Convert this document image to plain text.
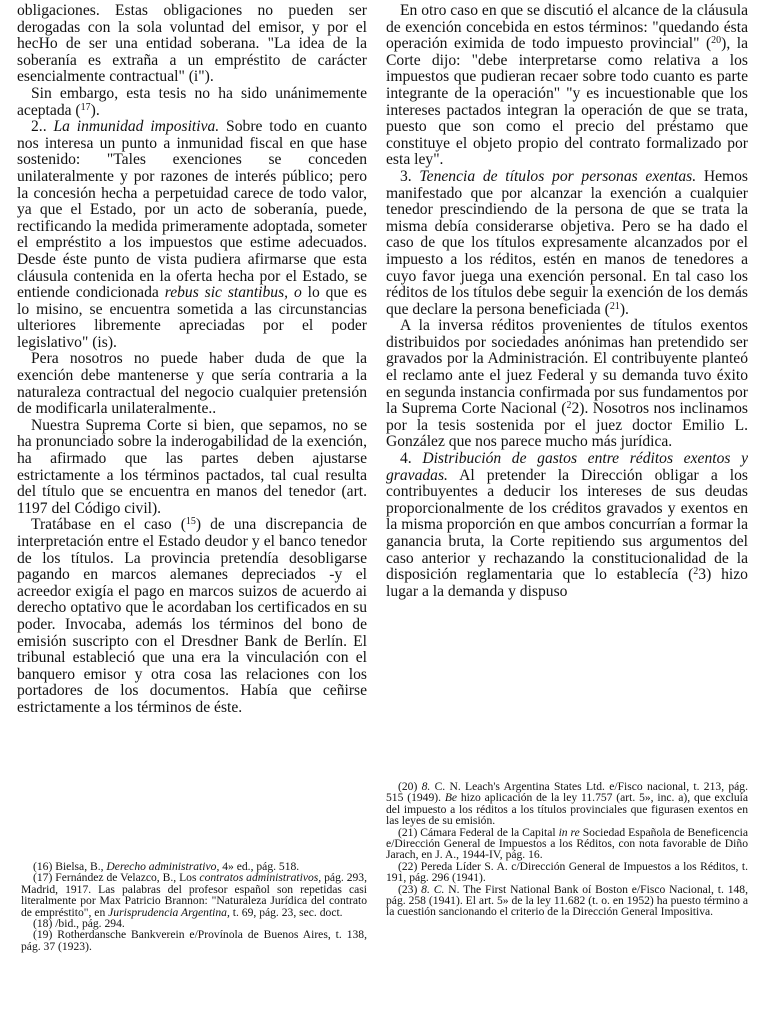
obligaciones. Estas obligaciones no pueden ser derogadas con la sola voluntad del emisor, y por el hecHo de ser una entidad soberana. "La idea de la soberanía es extraña a un empréstito de carácter esencialmente contractual" (i").

Sin embargo, esta tesis no ha sido unánimemente aceptada ($^{17}$).

2.. La inmunidad impositiva. Sobre todo en cuanto nos interesa un punto a inmunidad fiscal en que hase sostenido: "Tales exenciones se conceden unilateralmente y por razones de interés público; pero la concesión hecha a perpetuidad carece de todo valor, ya que el Estado, por un acto de soberanía, puede, rectificando la medida primeramente adoptada, someter el empréstito a los impuestos que estime adecuados. Desde éste punto de vista pudiera afirmarse que esta cláusula contenida en la oferta hecha por el Estado, se entiende condicionada rebus sic stantibus, o lo que es lo misino, se encuentra sometida a las circunstancias ulteriores libremente apreciadas por el poder legislativo" (is).

Pera nosotros no puede haber duda de que la exención debe mantenerse y que sería contraria a la naturaleza contractual del negocio cualquier pretensión de modificarla unilateralmente..

Nuestra Suprema Corte si bien, que sepamos, no se ha pronunciado sobre la inderogabilidad de la exención, ha afirmado que las partes deben ajustarse estrictamente a los términos pactados, tal cual resulta del título que se encuentra en manos del tenedor (art. 1197 del Código civil).

Tratábase en el caso ($^{15}$) de una discrepancia de interpretación entre el Estado deudor y el banco tenedor de los títulos. La provincia pretendía desobligarse pagando en marcos alemanes depreciados -y el acreedor exigía el pago en marcos suizos de acuerdo ai derecho optativo que le acordaban los certificados en su poder. Invocaba, además los términos del bono de emisión suscripto con el Dresdner Bank de Berlín. El tribunal estableció que una era la vinculación con el banquero emisor y otra cosa las relaciones con los portadores de los documentos. Había que ceñirse estrictamente a los términos de éste.

En otro caso en que se discutió el alcance de la cláusula de exención concebida en estos términos: "quedando ésta operación eximida de todo impuesto provincial" ($^{20}$), la Corte dijo: "debe interpretarse como relativa a los impuestos que pudieran recaer sobre todo cuanto es parte integrante de la operación" "y es incuestionable que los intereses pactados integran la operación de que se trata, puesto que son como el precio del préstamo que constituye el objeto propio del contrato formalizado por esta ley".

3. Tenencia de títulos por personas exentas. Hemos manifestado que por alcanzar la exención a cualquier tenedor prescindiendo de la persona de que se trata la misma debía considerarse objetiva. Pero se ha dado el caso de que los títulos expresamente alcanzados por el impuesto a los réditos, estén en manos de tenedores a cuyo favor juega una exención personal. En tal caso los réditos de los títulos debe seguir la exención de los demás que declare la persona beneficiada ($^{21}$).

A la inversa réditos provenientes de títulos exentos distribuidos por sociedades anónimas han pretendido ser gravados por la Administración. El contribuyente planteó el reclamo ante el juez Federal y su demanda tuvo éxito en segunda instancia confirmada por sus fundamentos por la Suprema Corte Nacional ($^2$2). Nosotros nos inclinamos por la tesis sostenida por el juez doctor Emilio L. González que nos parece mucho más jurídica.

4. Distribución de gastos entre réditos exentos y gravadas. Al pretender la Dirección obligar a los contribuyentes a deducir los intereses de sus deudas proporcionalmente de los créditos gravados y exentos en la misma proporción en que ambos concurrían a formar la ganancia bruta, la Corte repitiendo sus argumentos del caso anterior y rechazando la constitucionalidad de la disposición reglamentaria que lo establecía ($^2$3) hizo lugar a la demanda y dispuso

(16) Bielsa, B., Derecho administrativo, 4» ed., pág. 518.

(17) Fernández de Velazco, B., Los contratos administrativos, pág. 293, Madrid, 1917. Las palabras del profesor español son repetidas casi literalmente por Max Patricio Brannon: "Naturaleza Jurídica del contrato de empréstito", en Jurisprudencia Argentina, t. 69, pág. 23, sec. doct.

(18) /bid., pág. 294.

(19) Rotherdansche Bankverein e/Provínola de Buenos Aires, t. 138, pág. 37 (1923).

(20) 8. C. N. Leach's Argentina States Ltd. e/Fisco nacional, t. 213, pág. 515 (1949). Be hizo aplicación de la ley 11.757 (art. 5», inc. a), que excluía del impuesto a los réditos a los títulos provinciales que figurasen exentos en las leyes de su emisión.

(21) Cámara Federal de la Capital in re Sociedad Española de Beneficencia e/Dirección General de Impuestos a los Réditos, con nota favorable de Diño Jarach, en J. A., 1944-IV, pág. 16.

(22) Pereda Líder S. A. c/Dirección General de Impuestos a los Réditos, t. 191, pág. 296 (1941).

(23) 8. C. N. The First National Bank oí Boston e/Fisco Nacional, t. 148, pág. 258 (1941). El art. 5» de la ley 11.682 (t. o. en 1952) ha puesto término a la cuestión sancionando el criterio de la Dirección General Impositiva.
